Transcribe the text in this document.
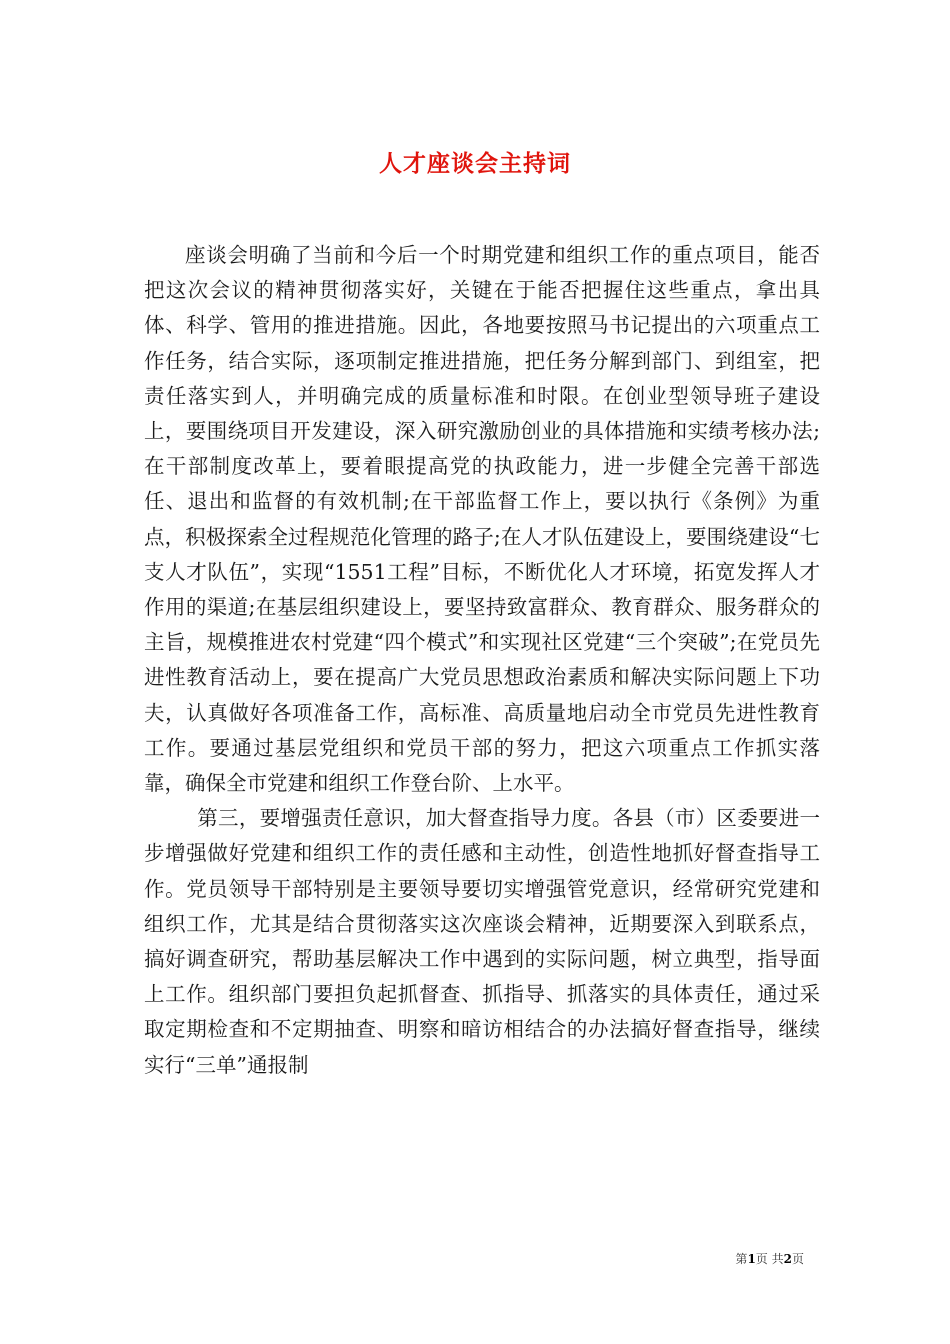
人才座谈会主持词

座谈会明确了当前和今后一个时期党建和组织工作的重点项目，能否把这次会议的精神贯彻落实好，关键在于能否把握住这些重点，拿出具体、科学、管用的推进措施。因此，各地要按照马书记提出的六项重点工作任务，结合实际，逐项制定推进措施，把任务分解到部门、到组室，把责任落实到人，并明确完成的质量标准和时限。在创业型领导班子建设上，要围绕项目开发建设，深入研究激励创业的具体措施和实绩考核办法;在干部制度改革上，要着眼提高党的执政能力，进一步健全完善干部选任、退出和监督的有效机制;在干部监督工作上，要以执行《条例》为重点，积极探索全过程规范化管理的路子;在人才队伍建设上，要围绕建设“七支人才队伍”，实现“1551工程”目标，不断优化人才环境，拓宽发挥人才作用的渠道;在基层组织建设上，要坚持致富群众、教育群众、服务群众的主旨，规模推进农村党建“四个模式”和实现社区党建“三个突破”;在党员先进性教育活动上，要在提高广大党员思想政治素质和解决实际问题上下功夫，认真做好各项准备工作，高标准、高质量地启动全市党员先进性教育工作。要通过基层党组织和党员干部的努力，把这六项重点工作抓实落靠，确保全市党建和组织工作登台阶、上水平。

第三，要增强责任意识，加大督查指导力度。各县（市）区委要进一步增强做好党建和组织工作的责任感和主动性，创造性地抓好督查指导工作。党员领导干部特别是主要领导要切实增强管党意识，经常研究党建和组织工作，尤其是结合贯彻落实这次座谈会精神，近期要深入到联系点，搞好调查研究，帮助基层解决工作中遇到的实际问题，树立典型，指导面上工作。组织部门要担负起抓督查、抓指导、抓落实的具体责任，通过采取定期检查和不定期抽查、明察和暗访相结合的办法搞好督查指导，继续实行“三单”通报制

第1页 共2页
